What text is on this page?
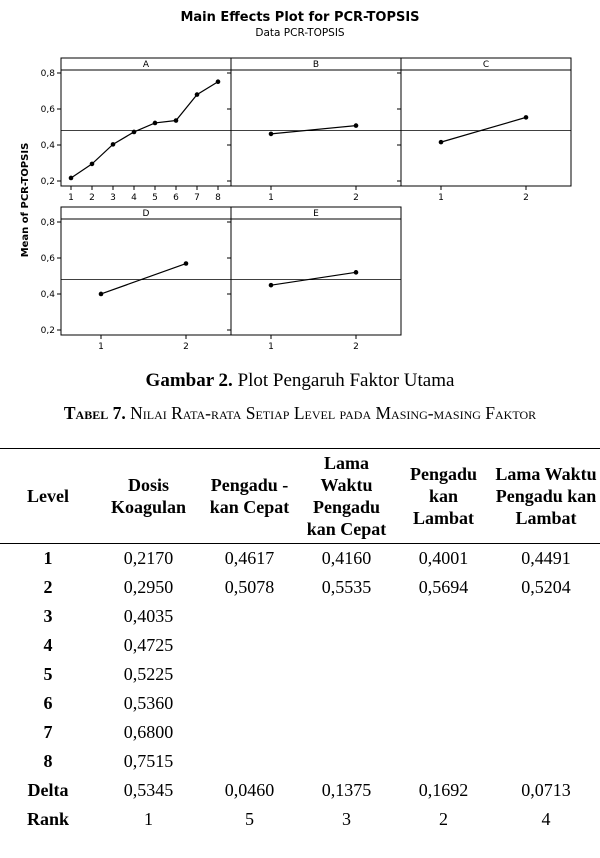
Main Effects Plot for PCR-TOPSIS
Data PCR-TOPSIS
Mean of PCR-TOPSIS
A
0,2
0,4
0,6
0,8
1 2 3 4 5 6 7 8
B
1	2
C
1	2
D
0,2
0,4
0,6
0,8
1	2
E
1	2
Gambar 2. Plot Pengaruh Faktor Utama
Tabel 7. Nilai Rata-rata Setiap Level pada Masing-masing Faktor
Level	Dosis Koagulan	Pengadu -kan Cepat	Lama Waktu Pengadu kan Cepat	Pengadu kan Lambat	Lama Waktu Pengadu kan Lambat
1	0,2170	0,4617	0,4160	0,4001	0,4491
2	0,2950	0,5078	0,5535	0,5694	0,5204
3	0,4035				
4	0,4725				
5	0,5225				
6	0,5360				
7	0,6800				
8	0,7515				
Delta	0,5345	0,0460	0,1375	0,1692	0,0713
Rank	1	5	3	2	4
